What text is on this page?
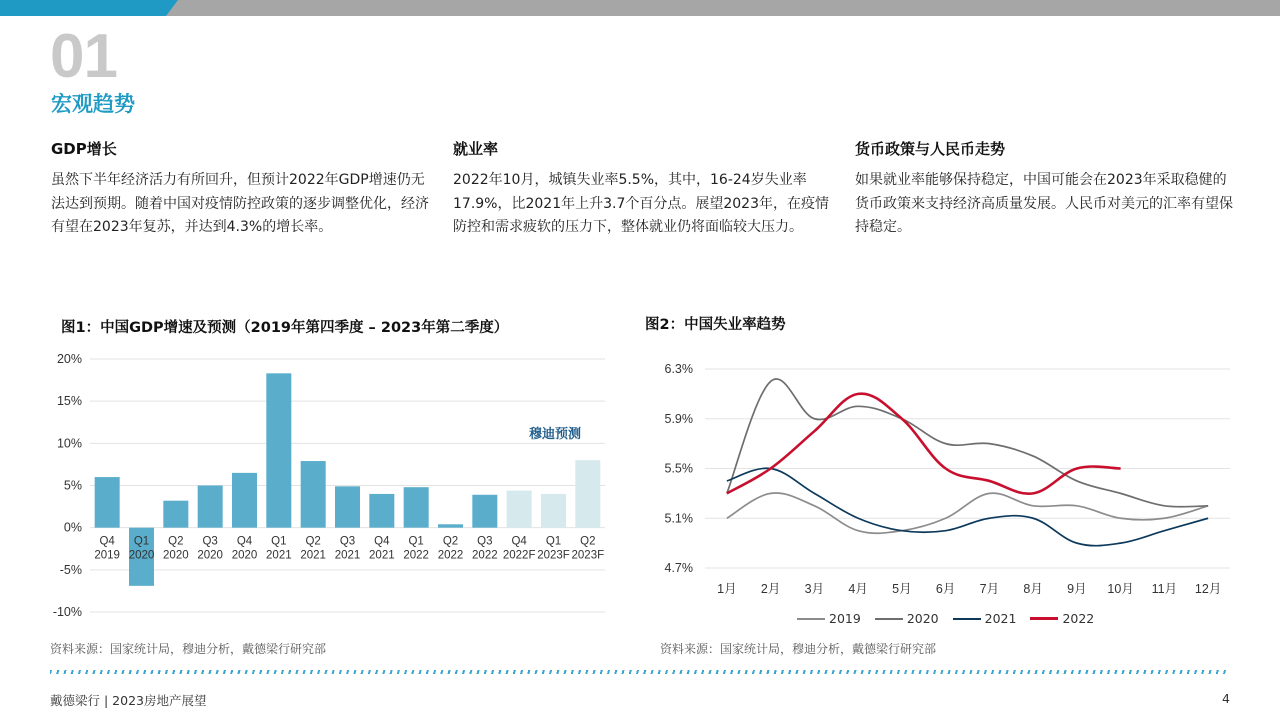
01
宏观趋势
GDP增长
虽然下半年经济活力有所回升，但预计2022年GDP增速仍无法达到预期。随着中国对疫情防控政策的逐步调整优化，经济有望在2023年复苏，并达到4.3%的增长率。
就业率
2022年10月，城镇失业率5.5%，其中，16-24岁失业率17.9%，比2021年上升3.7个百分点。展望2023年，在疫情防控和需求疲软的压力下，整体就业仍将面临较大压力。
货币政策与人民币走势
如果就业率能够保持稳定，中国可能会在2023年采取稳健的货币政策来支持经济高质量发展。人民币对美元的汇率有望保持稳定。
图1：中国GDP增速及预测（2019年第四季度 – 2023年第二季度）	图2：中国失业率趋势
20%
15%
10%
5%
0%
-5%
-10%
Q4
2019
Q1
2020
Q2
2020
Q3
2020
Q4
2020
Q1
2021
Q2
2021
Q3
2021
Q4
2021
Q1
2022
Q2
2022
Q3
2022
Q4
2022F
Q1
2023F
Q2
2023F
穆迪预测
6.3%
5.9%
5.5%
5.1%
4.7%
1月 2月 3月 4月 5月 6月 7月 8月 9月 10月 11月 12月
2019	2020	2021	2022
资料来源：国家统计局，穆迪分析，戴德梁行研究部	资料来源：国家统计局，穆迪分析，戴德梁行研究部
戴德梁行 | 2023房地产展望	4
